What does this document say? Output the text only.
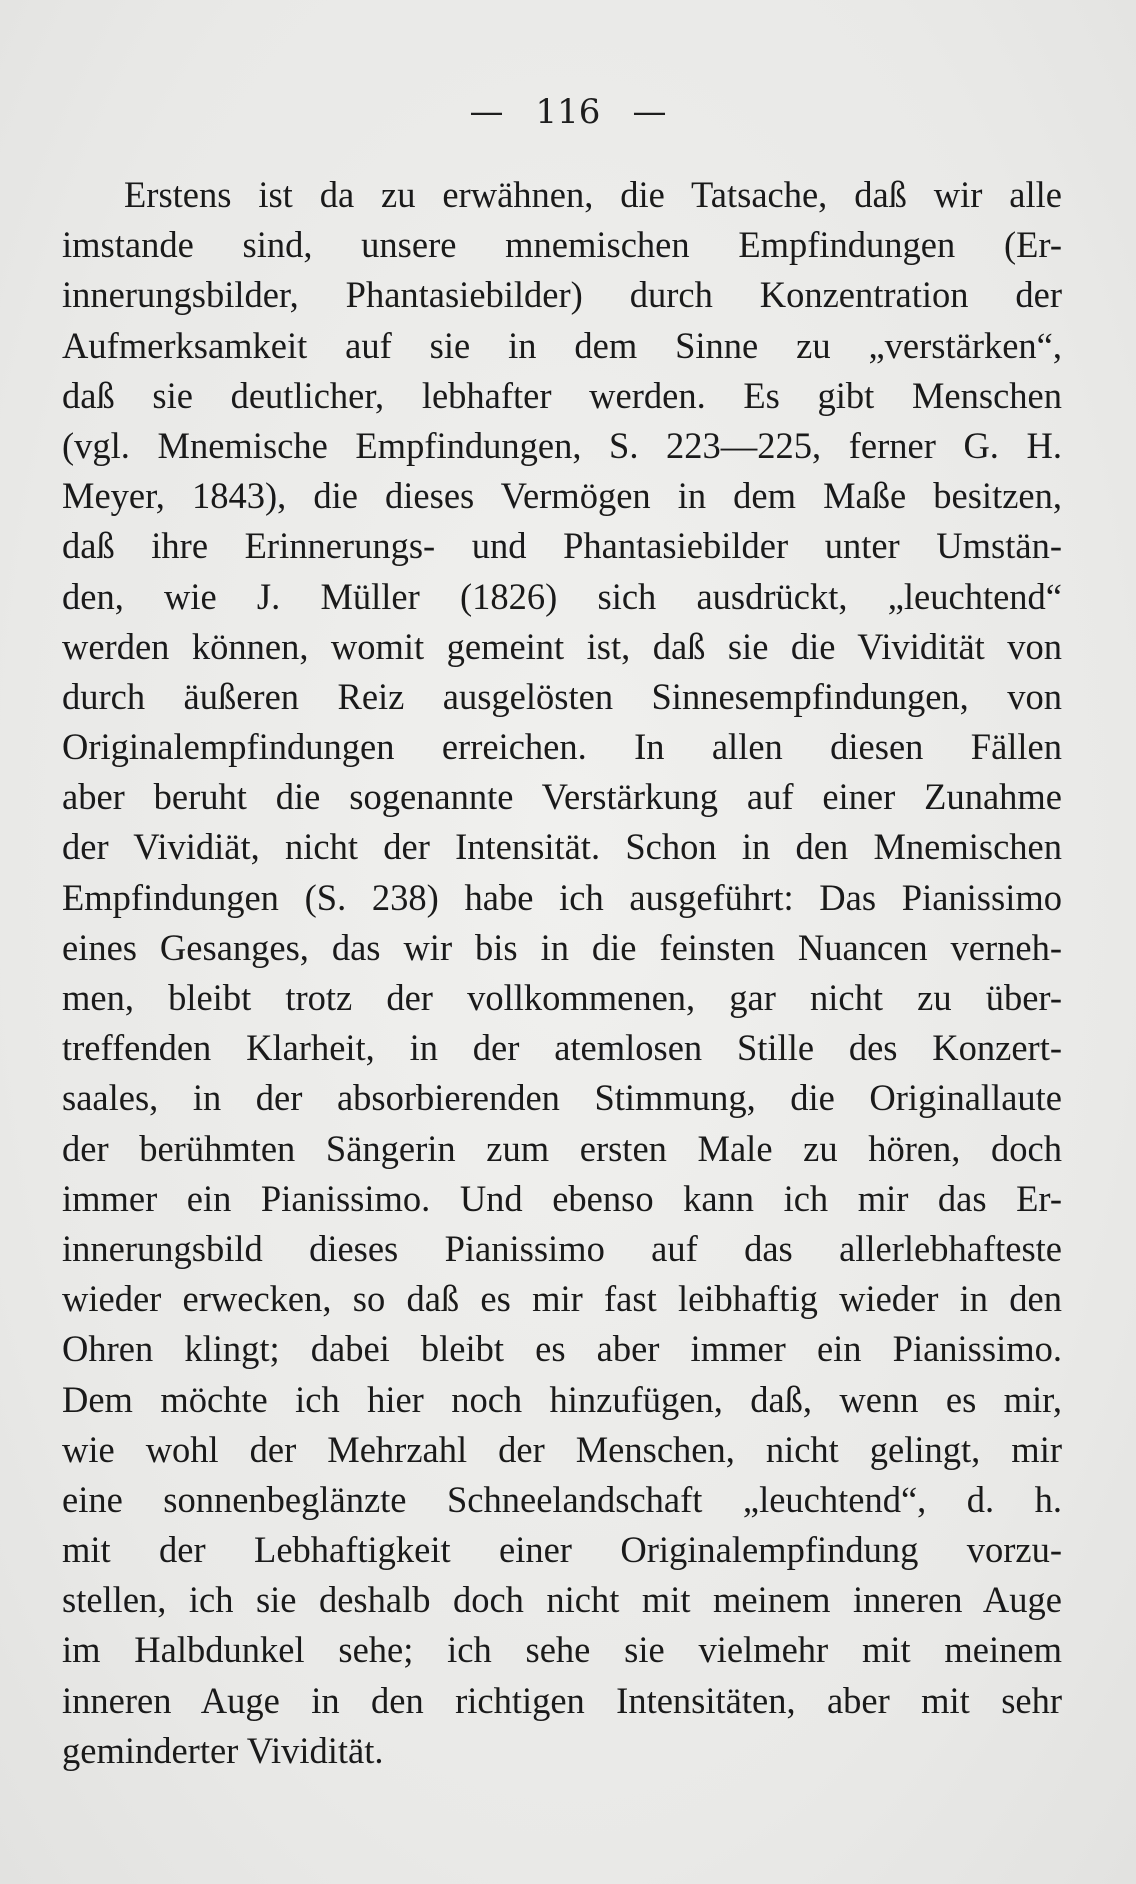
— 116 —
Erstens ist da zu erwähnen, die Tatsache, daß wir alle
imstande sind, unsere mnemischen Empfindungen (Er-
innerungsbilder, Phantasiebilder) durch Konzentration der
Aufmerksamkeit auf sie in dem Sinne zu „verstärken“,
daß sie deutlicher, lebhafter werden. Es gibt Menschen
(vgl. Mnemische Empfindungen, S. 223—225, ferner G. H.
Meyer, 1843), die dieses Vermögen in dem Maße besitzen,
daß ihre Erinnerungs- und Phantasiebilder unter Umstän-
den, wie J. Müller (1826) sich ausdrückt, „leuchtend“
werden können, womit gemeint ist, daß sie die Vividität von
durch äußeren Reiz ausgelösten Sinnesempfindungen, von
Originalempfindungen erreichen. In allen diesen Fällen
aber beruht die sogenannte Verstärkung auf einer Zunahme
der Vividiät, nicht der Intensität. Schon in den Mnemischen
Empfindungen (S. 238) habe ich ausgeführt: Das Pianissimo
eines Gesanges, das wir bis in die feinsten Nuancen verneh-
men, bleibt trotz der vollkommenen, gar nicht zu über-
treffenden Klarheit, in der atemlosen Stille des Konzert-
saales, in der absorbierenden Stimmung, die Originallaute
der berühmten Sängerin zum ersten Male zu hören, doch
immer ein Pianissimo. Und ebenso kann ich mir das Er-
innerungsbild dieses Pianissimo auf das allerlebhafteste
wieder erwecken, so daß es mir fast leibhaftig wieder in den
Ohren klingt; dabei bleibt es aber immer ein Pianissimo.
Dem möchte ich hier noch hinzufügen, daß, wenn es mir,
wie wohl der Mehrzahl der Menschen, nicht gelingt, mir
eine sonnenbeglänzte Schneelandschaft „leuchtend“, d. h.
mit der Lebhaftigkeit einer Originalempfindung vorzu-
stellen, ich sie deshalb doch nicht mit meinem inneren Auge
im Halbdunkel sehe; ich sehe sie vielmehr mit meinem
inneren Auge in den richtigen Intensitäten, aber mit sehr
geminderter Vividität.
